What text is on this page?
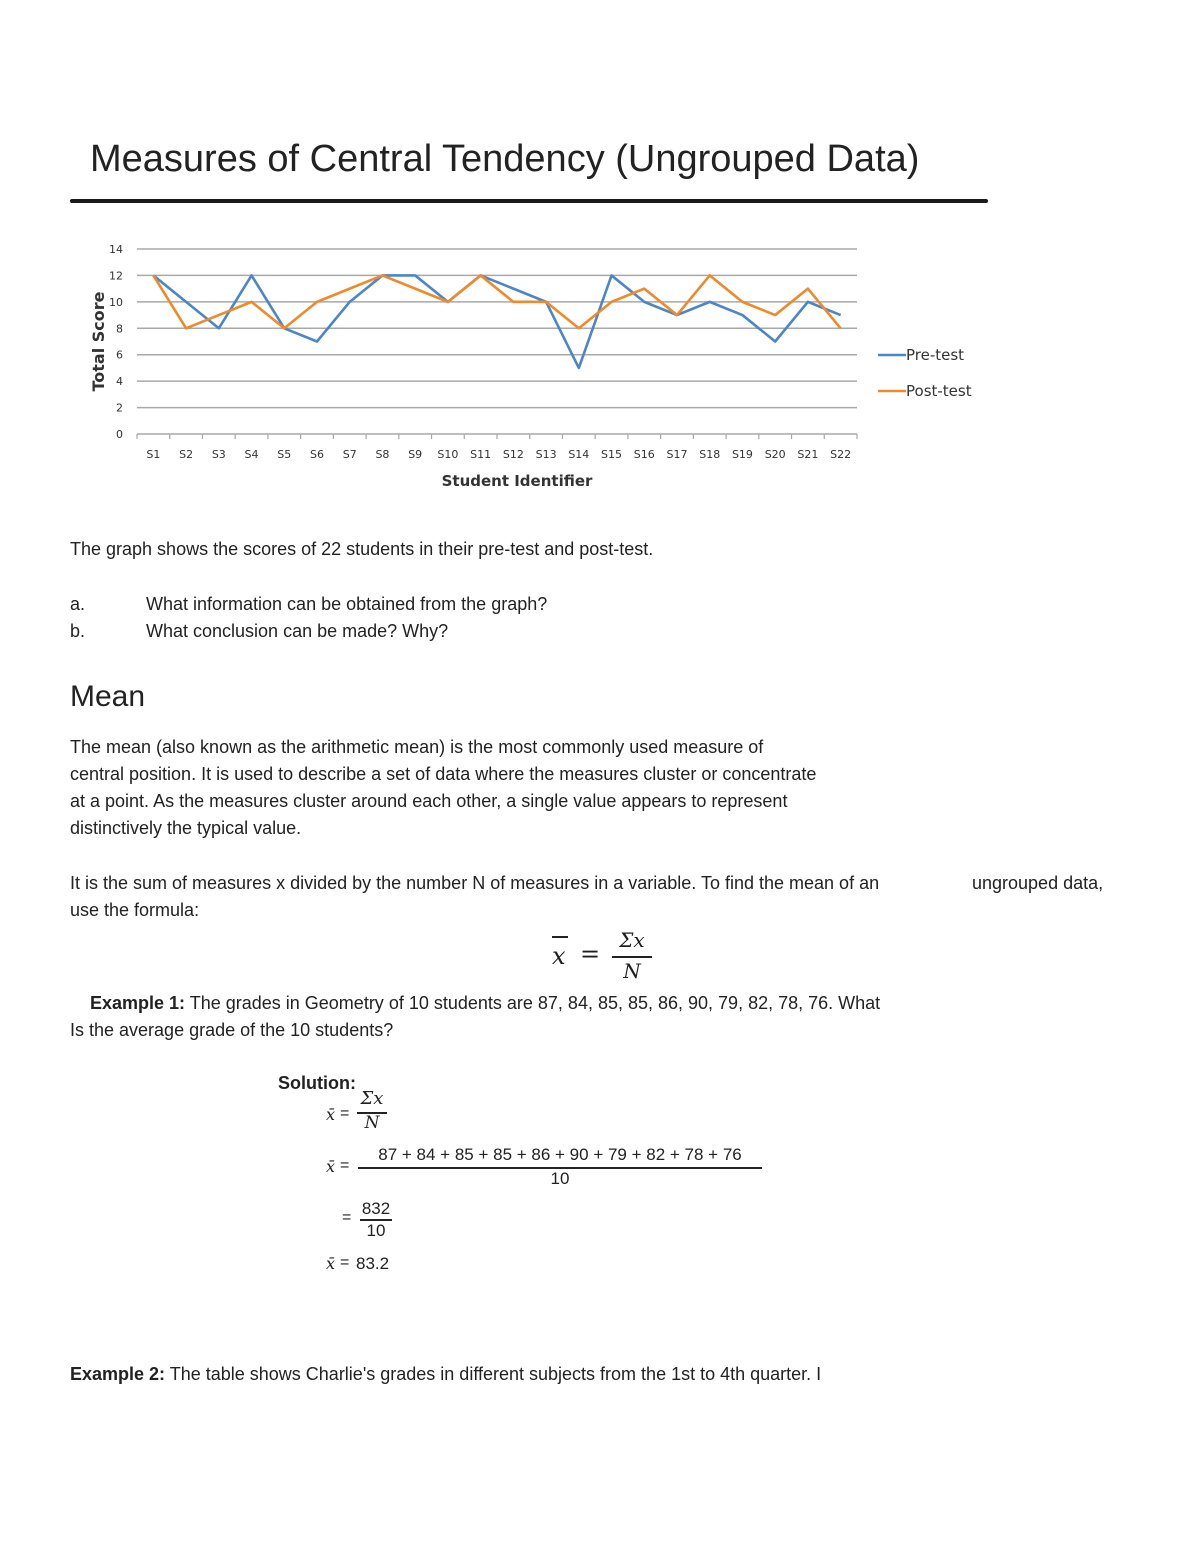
Measures of Central Tendency (Ungrouped Data)
0
2
4
6
8
10
12
14
S1 S2 S3 S4 S5 S6 S7 S8 S9 S10 S11 S12 S13 S14 S15 S16 S17 S18 S19 S20 S21 S22
Total Score
Student Identifier
Pre-test
Post-test
The graph shows the scores of 22 students in their pre-test and post-test.
a.	What information can be obtained from the graph?
b.	What conclusion can be made? Why?
Mean
The mean (also known as the arithmetic mean) is the most commonly used measure of
central position. It is used to describe a set of data where the measures cluster or concentrate
at a point. As the measures cluster around each other, a single value appears to represent
distinctively the typical value.
It is the sum of measures x divided by the number N of measures in a variable. To find the mean of an	ungrouped data,
use the formula:
x = Σx
N
Example 1: The grades in Geometry of 10 students are 87, 84, 85, 85, 86, 90, 79, 82, 78, 76. What
Is the average grade of the 10 students?
Solution:
x̄ =
Σx
N
x̄ =
87 + 84 + 85 + 85 + 86 + 90 + 79 + 82 + 78 + 76
10
= 832
10
x̄ = 83.2
Example 2: The table shows Charlie's grades in different subjects from the 1st to 4th quarter. I
